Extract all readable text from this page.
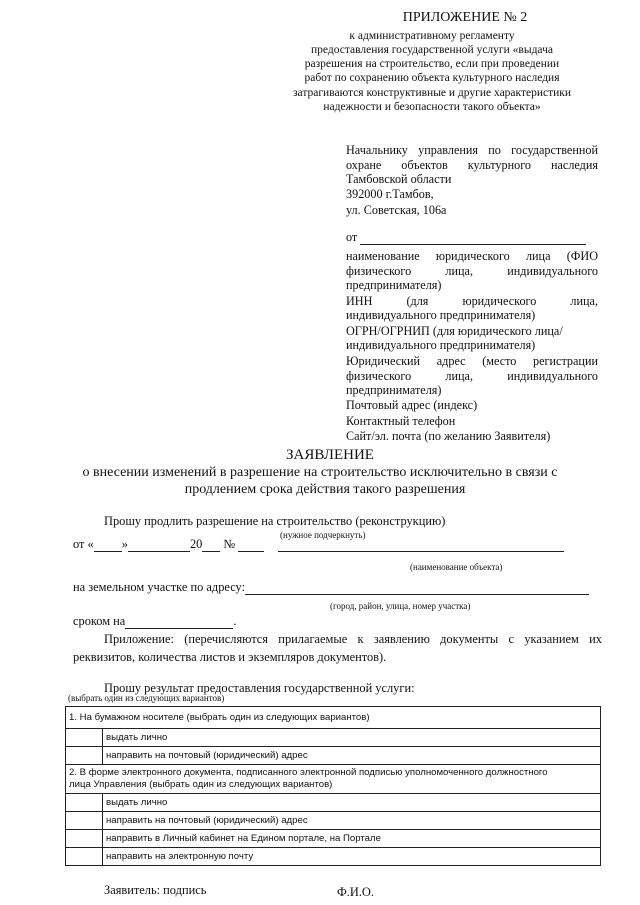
ПРИЛОЖЕНИЕ № 2
к административному регламенту
предоставления государственной услуги «выдача
разрешения на строительство, если при проведении
работ по сохранению объекта культурного наследия
затрагиваются конструктивные и другие характеристики
надежности и безопасности такого объекта»
Начальнику управления по государственной
охране объектов культурного наследия
Тамбовской области
392000 г.Тамбов,
ул. Советская, 106а
от
наименование юридического лица (ФИО
физического лица, индивидуального
предпринимателя)
ИНН (для юридического лица,
индивидуального предпринимателя)
ОГРН/ОГРНИП (для юридического лица/
индивидуального предпринимателя)
Юридический адрес (место регистрации
физического лица, индивидуального
предпринимателя)
Почтовый адрес (индекс)
Контактный телефон
Сайт/эл. почта (по желанию Заявителя)
ЗАЯВЛЕНИЕ
о внесении изменений в разрешение на строительство исключительно в связи с
продлением срока действия такого разрешения
Прошу продлить разрешение на строительство (реконструкцию)
(нужное подчеркнуть)
от « »	20 №
(наименование объекта)
на земельном участке по адресу:
(город, район, улица, номер участка)
сроком на	.
Приложение: (перечисляются прилагаемые к заявлению документы с указанием их
реквизитов, количества листов и экземпляров документов).
Прошу результат предоставления государственной услуги:
(выбрать один из следующих вариантов)
1. На бумажном носителе (выбрать один из следующих вариантов)	
	выдать лично
	направить на почтовый (юридический) адрес
2. В форме электронного документа, подписанного электронной подписью уполномоченного должностного
лица Управления (выбрать один из следующих вариантов)	
	выдать лично
	направить на почтовый (юридический) адрес
	направить в Личный кабинет на Едином портале, на Портале
	направить на электронную почту
Заявитель: подпись	Ф.И.О.
